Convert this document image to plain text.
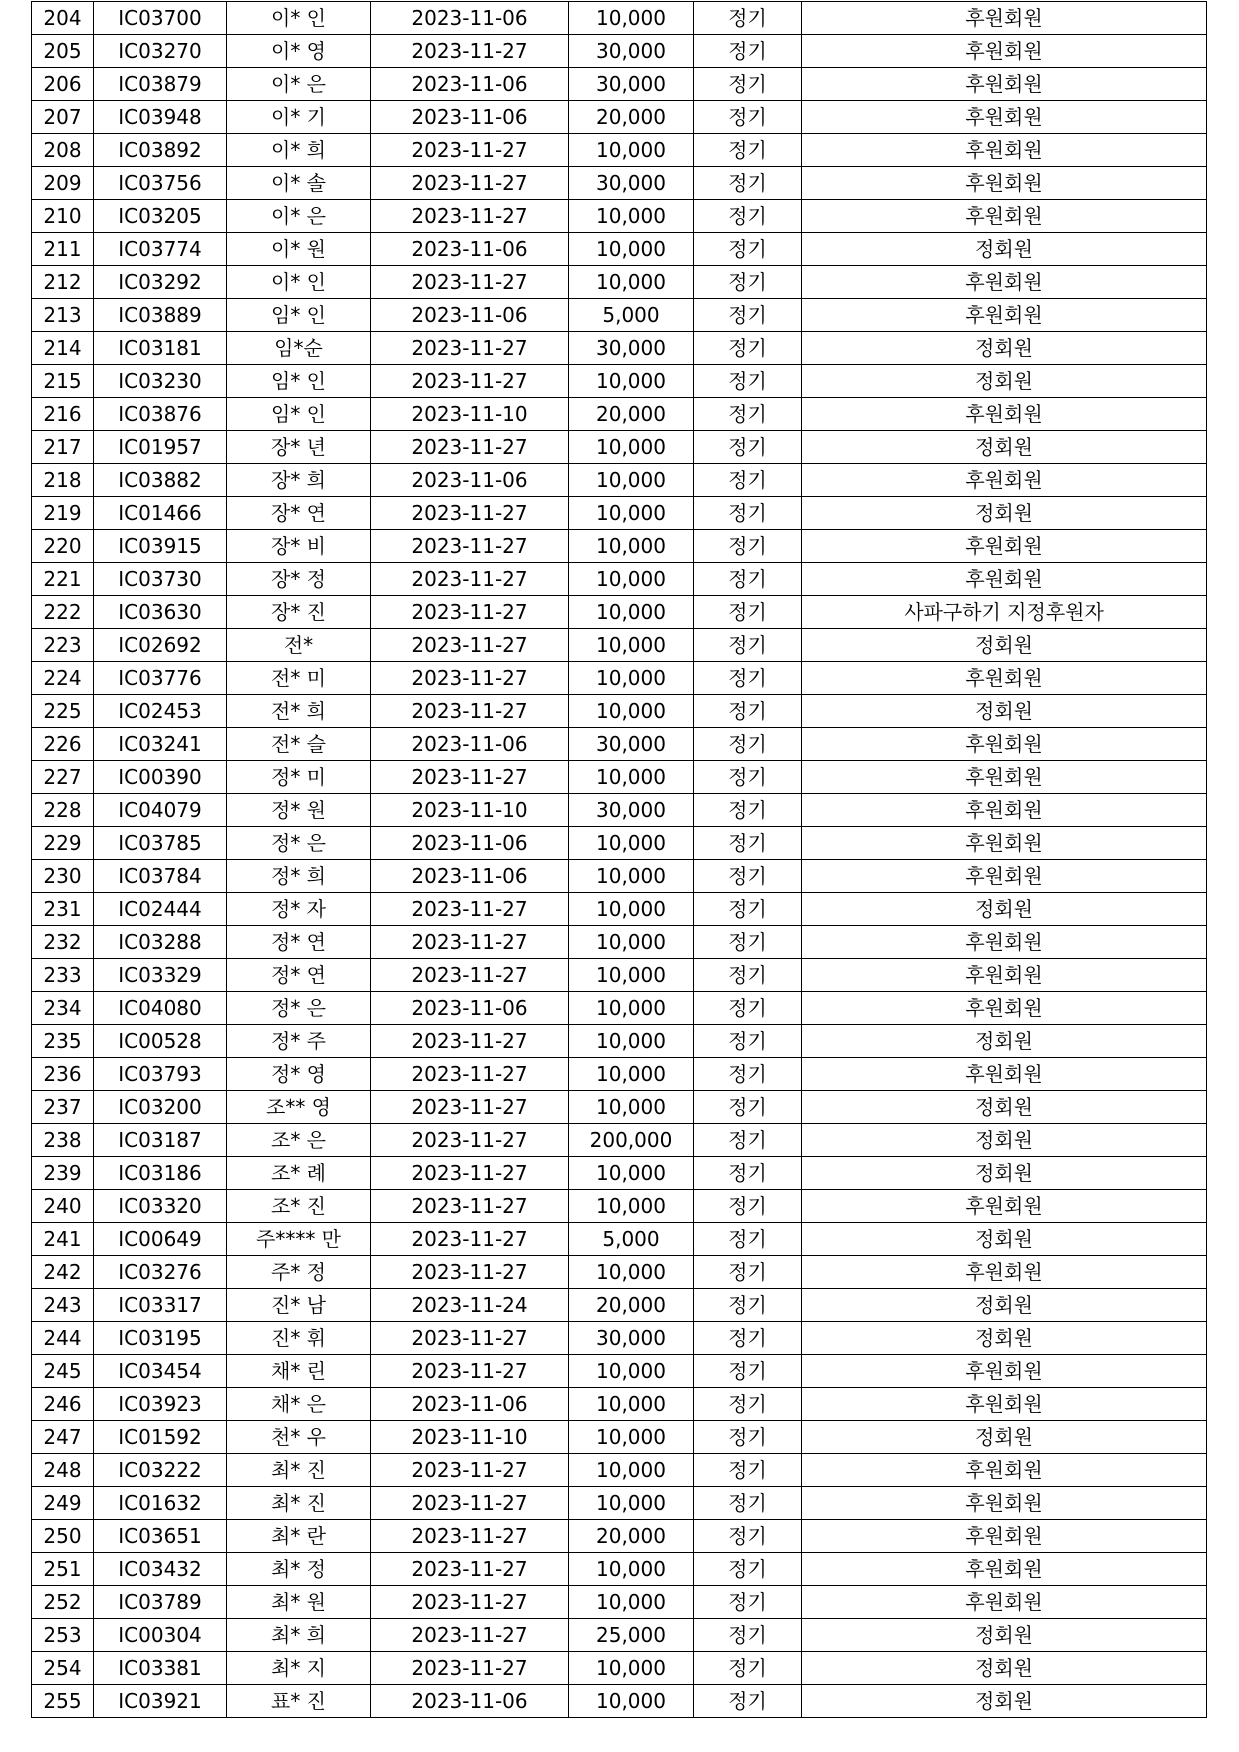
204	IC03700	이* 인	2023-11-06	10,000	정기	후원회원
205	IC03270	이* 영	2023-11-27	30,000	정기	후원회원
206	IC03879	이* 은	2023-11-06	30,000	정기	후원회원
207	IC03948	이* 기	2023-11-06	20,000	정기	후원회원
208	IC03892	이* 희	2023-11-27	10,000	정기	후원회원
209	IC03756	이* 솔	2023-11-27	30,000	정기	후원회원
210	IC03205	이* 은	2023-11-27	10,000	정기	후원회원
211	IC03774	이* 원	2023-11-06	10,000	정기	정회원
212	IC03292	이* 인	2023-11-27	10,000	정기	후원회원
213	IC03889	임* 인	2023-11-06	5,000	정기	후원회원
214	IC03181	임*순	2023-11-27	30,000	정기	정회원
215	IC03230	임* 인	2023-11-27	10,000	정기	정회원
216	IC03876	임* 인	2023-11-10	20,000	정기	후원회원
217	IC01957	장* 년	2023-11-27	10,000	정기	정회원
218	IC03882	장* 희	2023-11-06	10,000	정기	후원회원
219	IC01466	장* 연	2023-11-27	10,000	정기	정회원
220	IC03915	장* 비	2023-11-27	10,000	정기	후원회원
221	IC03730	장* 정	2023-11-27	10,000	정기	후원회원
222	IC03630	장* 진	2023-11-27	10,000	정기	사파구하기 지정후원자
223	IC02692	전*	2023-11-27	10,000	정기	정회원
224	IC03776	전* 미	2023-11-27	10,000	정기	후원회원
225	IC02453	전* 희	2023-11-27	10,000	정기	정회원
226	IC03241	전* 슬	2023-11-06	30,000	정기	후원회원
227	IC00390	정* 미	2023-11-27	10,000	정기	후원회원
228	IC04079	정* 원	2023-11-10	30,000	정기	후원회원
229	IC03785	정* 은	2023-11-06	10,000	정기	후원회원
230	IC03784	정* 희	2023-11-06	10,000	정기	후원회원
231	IC02444	정* 자	2023-11-27	10,000	정기	정회원
232	IC03288	정* 연	2023-11-27	10,000	정기	후원회원
233	IC03329	정* 연	2023-11-27	10,000	정기	후원회원
234	IC04080	정* 은	2023-11-06	10,000	정기	후원회원
235	IC00528	정* 주	2023-11-27	10,000	정기	정회원
236	IC03793	정* 영	2023-11-27	10,000	정기	후원회원
237	IC03200	조** 영	2023-11-27	10,000	정기	정회원
238	IC03187	조* 은	2023-11-27	200,000	정기	정회원
239	IC03186	조* 례	2023-11-27	10,000	정기	정회원
240	IC03320	조* 진	2023-11-27	10,000	정기	후원회원
241	IC00649	주**** 만	2023-11-27	5,000	정기	정회원
242	IC03276	주* 정	2023-11-27	10,000	정기	후원회원
243	IC03317	진* 남	2023-11-24	20,000	정기	정회원
244	IC03195	진* 휘	2023-11-27	30,000	정기	정회원
245	IC03454	채* 린	2023-11-27	10,000	정기	후원회원
246	IC03923	채* 은	2023-11-06	10,000	정기	후원회원
247	IC01592	천* 우	2023-11-10	10,000	정기	정회원
248	IC03222	최* 진	2023-11-27	10,000	정기	후원회원
249	IC01632	최* 진	2023-11-27	10,000	정기	후원회원
250	IC03651	최* 란	2023-11-27	20,000	정기	후원회원
251	IC03432	최* 정	2023-11-27	10,000	정기	후원회원
252	IC03789	최* 원	2023-11-27	10,000	정기	후원회원
253	IC00304	최* 희	2023-11-27	25,000	정기	정회원
254	IC03381	최* 지	2023-11-27	10,000	정기	정회원
255	IC03921	표* 진	2023-11-06	10,000	정기	정회원
